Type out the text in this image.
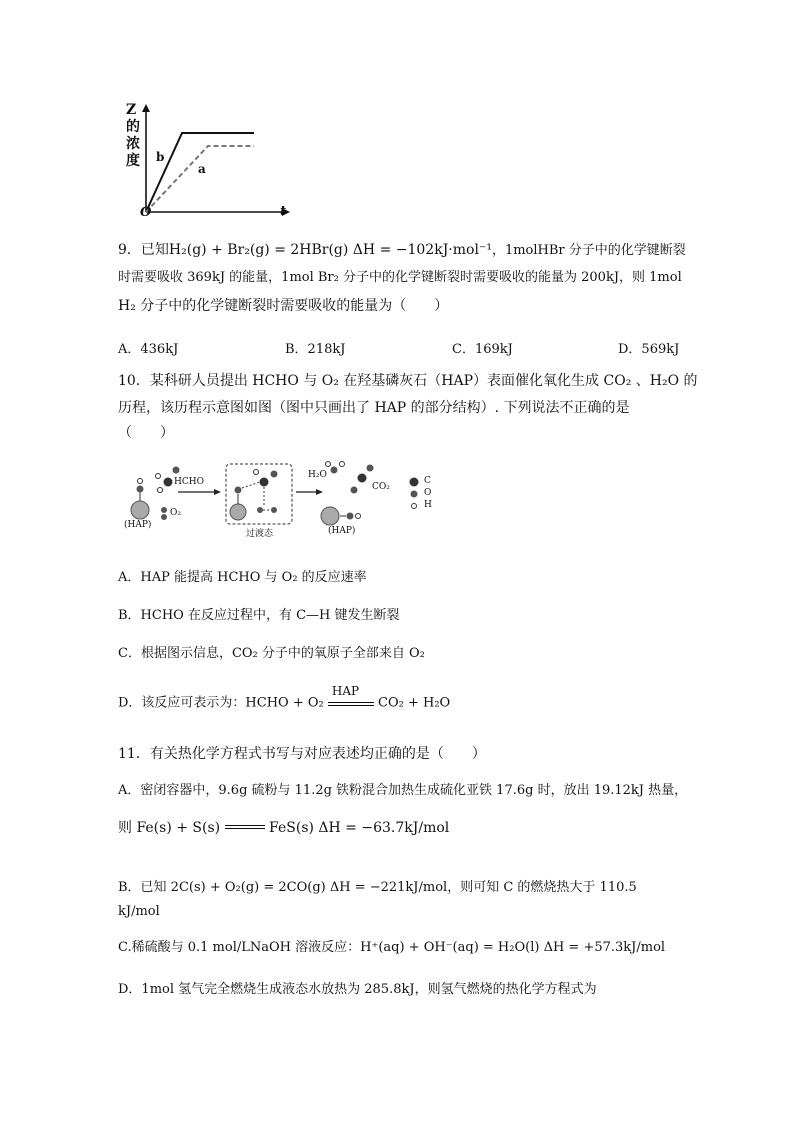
Z
的
浓
度
O	t
b
a
9．已知H₂(g) + Br₂(g) = 2HBr(g) ΔH = −102kJ·mol⁻¹，1molHBr 分子中的化学键断裂
时需要吸收 369kJ 的能量，1mol Br₂ 分子中的化学键断裂时需要吸收的能量为 200kJ，则 1mol
H₂ 分子中的化学键断裂时需要吸收的能量为（　　）
A．436kJ	B．218kJ	C．169kJ	D．569kJ
10．某科研人员提出 HCHO 与 O₂ 在羟基磷灰石（HAP）表面催化氧化生成 CO₂ 、H₂O 的
历程，该历程示意图如图（图中只画出了 HAP 的部分结构）. 下列说法不正确的是
（　　）
HCHO
(HAP)
O₂
过渡态
H₂O
CO₂
(HAP)
C
O
H
A．HAP 能提高 HCHO 与 O₂ 的反应速率
B．HCHO 在反应过程中，有 C—H 键发生断裂
C．根据图示信息，CO₂ 分子中的氧原子全部来自 O₂
D．该反应可表示为：HCHO + O₂
HAP
CO₂ + H₂O
11．有关热化学方程式书写与对应表述均正确的是（　　）
A．密闭容器中，9.6g 硫粉与 11.2g 铁粉混合加热生成硫化亚铁 17.6g 时，放出 19.12kJ 热量，
则 Fe(s) + S(s)	FeS(s) ΔH = −63.7kJ/mol
B．已知 2C(s) + O₂(g) = 2CO(g) ΔH = −221kJ/mol，则可知 C 的燃烧热大于 110.5
kJ/mol
C.稀硫酸与 0.1 mol/LNaOH 溶液反应：H⁺(aq) + OH⁻(aq) = H₂O(l) ΔH = +57.3kJ/mol
D．1mol 氢气完全燃烧生成液态水放热为 285.8kJ，则氢气燃烧的热化学方程式为
